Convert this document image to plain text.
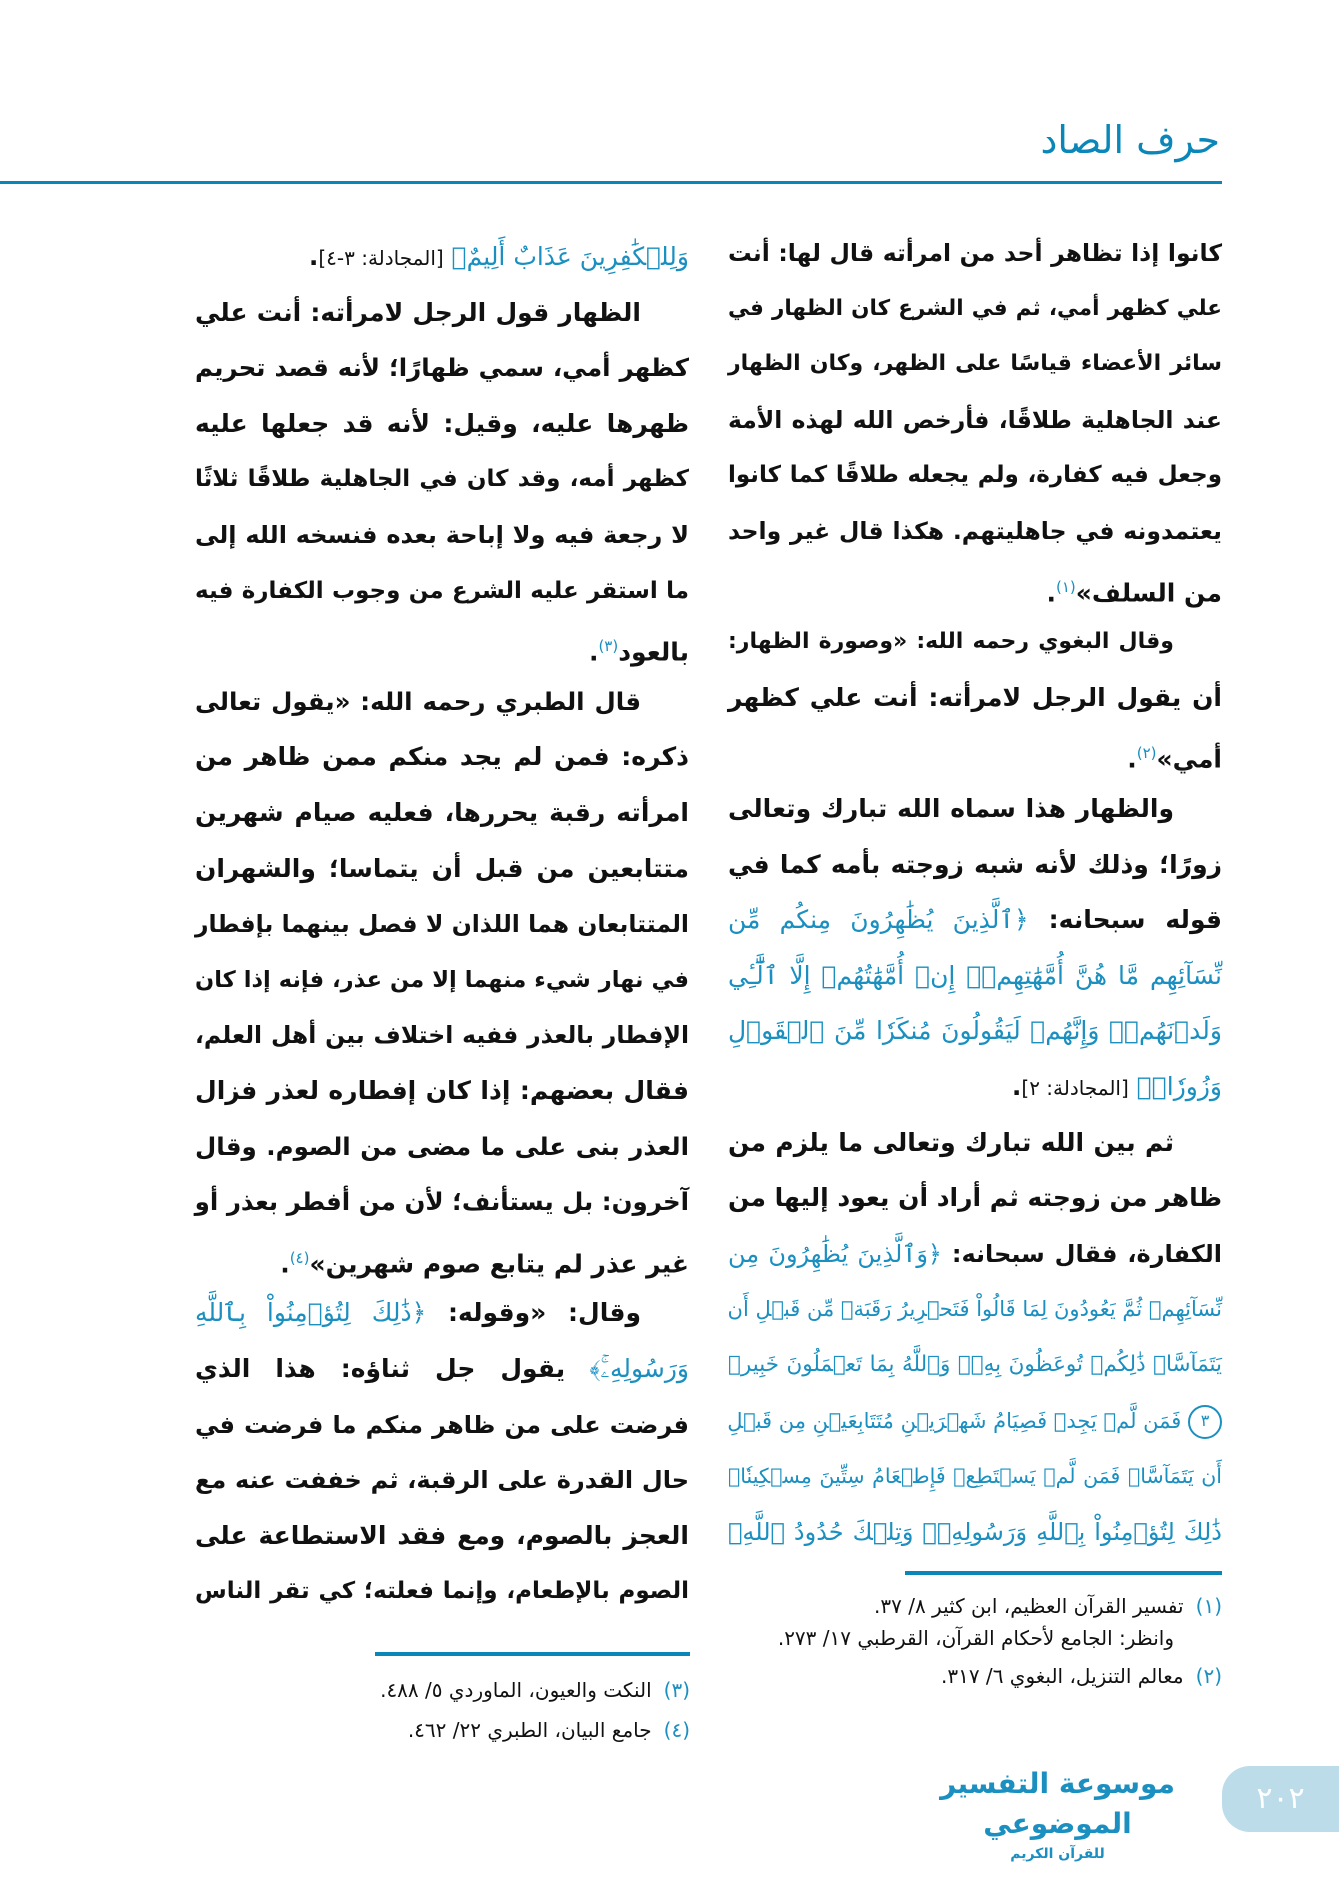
حرف الصاد
كانوا إذا تظاهر أحد من امرأته قال لها: أنت
علي كظهر أمي، ثم في الشرع كان الظهار في
سائر الأعضاء قياسًا على الظهر، وكان الظهار
عند الجاهلية طلاقًا، فأرخص الله لهذه الأمة
وجعل فيه كفارة، ولم يجعله طلاقًا كما كانوا
يعتمدونه في جاهليتهم. هكذا قال غير واحد
من السلف»$^{(١)}$.
وقال البغوي رحمه الله: «وصورة الظهار:
أن يقول الرجل لامرأته: أنت علي كظهر
أمي»$^{(٢)}$.
والظهار هذا سماه الله تبارك وتعالى
زورًا؛ وذلك لأنه شبه زوجته بأمه كما في
قوله سبحانه: ﴿ٱلَّذِينَ يُظَٰهِرُونَ مِنكُم مِّن
نِّسَآئِهِم مَّا هُنَّ أُمَّهَٰتِهِمۡۖ إِنۡ أُمَّهَٰتُهُمۡ إِلَّا ٱلَّٰٓـِٔي
وَلَدۡنَهُمۡۚ وَإِنَّهُمۡ لَيَقُولُونَ مُنكَرٗا مِّنَ ٱلۡقَوۡلِ
وَزُورٗاۚ﴾ [المجادلة: ٢].
ثم بين الله تبارك وتعالى ما يلزم من
ظاهر من زوجته ثم أراد أن يعود إليها من
الكفارة، فقال سبحانه: ﴿وَٱلَّذِينَ يُظَٰهِرُونَ مِن
نِّسَآئِهِمۡ ثُمَّ يَعُودُونَ لِمَا قَالُواْ فَتَحۡرِيرُ رَقَبَةٖ مِّن قَبۡلِ أَن
يَتَمَآسَّاۚ ذَٰلِكُمۡ تُوعَظُونَ بِهِۦۚ وَٱللَّهُ بِمَا تَعۡمَلُونَ خَبِيرٞ
٣ فَمَن لَّمۡ يَجِدۡ فَصِيَامُ شَهۡرَيۡنِ مُتَتَابِعَيۡنِ مِن قَبۡلِ
أَن يَتَمَآسَّاۖ فَمَن لَّمۡ يَسۡتَطِعۡ فَإِطۡعَامُ سِتِّينَ مِسۡكِينٗاۚ
ذَٰلِكَ لِتُؤۡمِنُواْ بِٱللَّهِ وَرَسُولِهِۦۚ وَتِلۡكَ حُدُودُ ٱللَّهِۗ
وَلِلۡكَٰفِرِينَ عَذَابٌ أَلِيمٌ﴾ [المجادلة: ٣-٤].
الظهار قول الرجل لامرأته: أنت علي
كظهر أمي، سمي ظهارًا؛ لأنه قصد تحريم
ظهرها عليه، وقيل: لأنه قد جعلها عليه
كظهر أمه، وقد كان في الجاهلية طلاقًا ثلاثًا
لا رجعة فيه ولا إباحة بعده فنسخه الله إلى
ما استقر عليه الشرع من وجوب الكفارة فيه
بالعود$^{(٣)}$.
قال الطبري رحمه الله: «يقول تعالى
ذكره: فمن لم يجد منكم ممن ظاهر من
امرأته رقبة يحررها، فعليه صيام شهرين
متتابعين من قبل أن يتماسا؛ والشهران
المتتابعان هما اللذان لا فصل بينهما بإفطار
في نهار شيء منهما إلا من عذر، فإنه إذا كان
الإفطار بالعذر ففيه اختلاف بين أهل العلم،
فقال بعضهم: إذا كان إفطاره لعذر فزال
العذر بنى على ما مضى من الصوم. وقال
آخرون: بل يستأنف؛ لأن من أفطر بعذر أو
غير عذر لم يتابع صوم شهرين»$^{(٤)}$.
وقال: «وقوله: ﴿ذَٰلِكَ لِتُؤۡمِنُواْ بِٱللَّهِ
وَرَسُولِهِۦۚ﴾ يقول جل ثناؤه: هذا الذي
فرضت على من ظاهر منكم ما فرضت في
حال القدرة على الرقبة، ثم خففت عنه مع
العجز بالصوم، ومع فقد الاستطاعة على
الصوم بالإطعام، وإنما فعلته؛ كي تقر الناس
(١)تفسير القرآن العظيم، ابن كثير ٨/ ٣٧.
وانظر: الجامع لأحكام القرآن، القرطبي ١٧/ ٢٧٣.
(٢)معالم التنزيل، البغوي ٦/ ٣١٧.
(٣)النكت والعيون، الماوردي ٥/ ٤٨٨.
(٤)جامع البيان، الطبري ٢٢/ ٤٦٢.
موسوعة التفسير الموضوعي
للقرآن الكريم
٢٠٢
